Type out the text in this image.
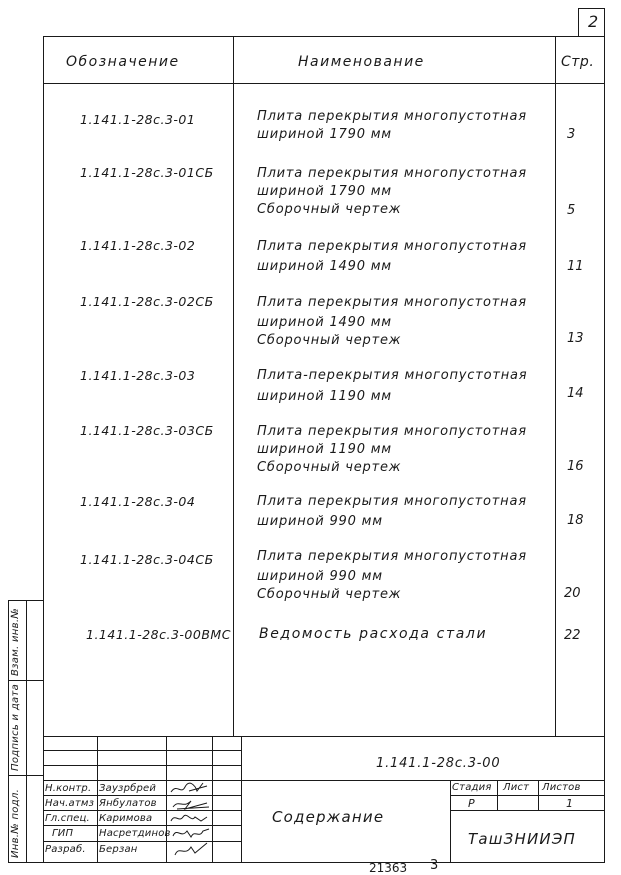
2
Обозначение	Наименование	Стр.
1.141.1-28с.3-01	Плита перекрытия многопустотная
шириной 1790 мм	3
1.141.1-28с.3-01СБ	Плита перекрытия многопустотная
шириной 1790 мм
Сборочный чертеж	5
1.141.1-28с.3-02	Плита перекрытия многопустотная
шириной 1490 мм	11
1.141.1-28с.3-02СБ	Плита перекрытия многопустотная
шириной 1490 мм
Сборочный чертеж	13
1.141.1-28с.3-03	Плита-перекрытия многопустотная
шириной 1190 мм	14
1.141.1-28с.3-03СБ	Плита перекрытия многопустотная
шириной 1190 мм
Сборочный чертеж	16
1.141.1-28с.3-04	Плита перекрытия многопустотная
шириной 990 мм	18
1.141.1-28с.3-04СБ	Плита перекрытия многопустотная
шириной 990 мм
Сборочный чертеж	20
1.141.1-28с.3-00ВМС Ведомость расхода стали	22
Взам. инв.№
Подпись и дата
Инв.№ подл.
1.141.1-28с.3-00
Содержание
Стадия Лист Листов
Р	1
ТашЗНИИЭП
Н.контр. Заузрбрей
Нач.атмз Янбулатов
Гл.спец. Каримова
ГИП	Насретдинов
Разраб. Берзан
21363 3
